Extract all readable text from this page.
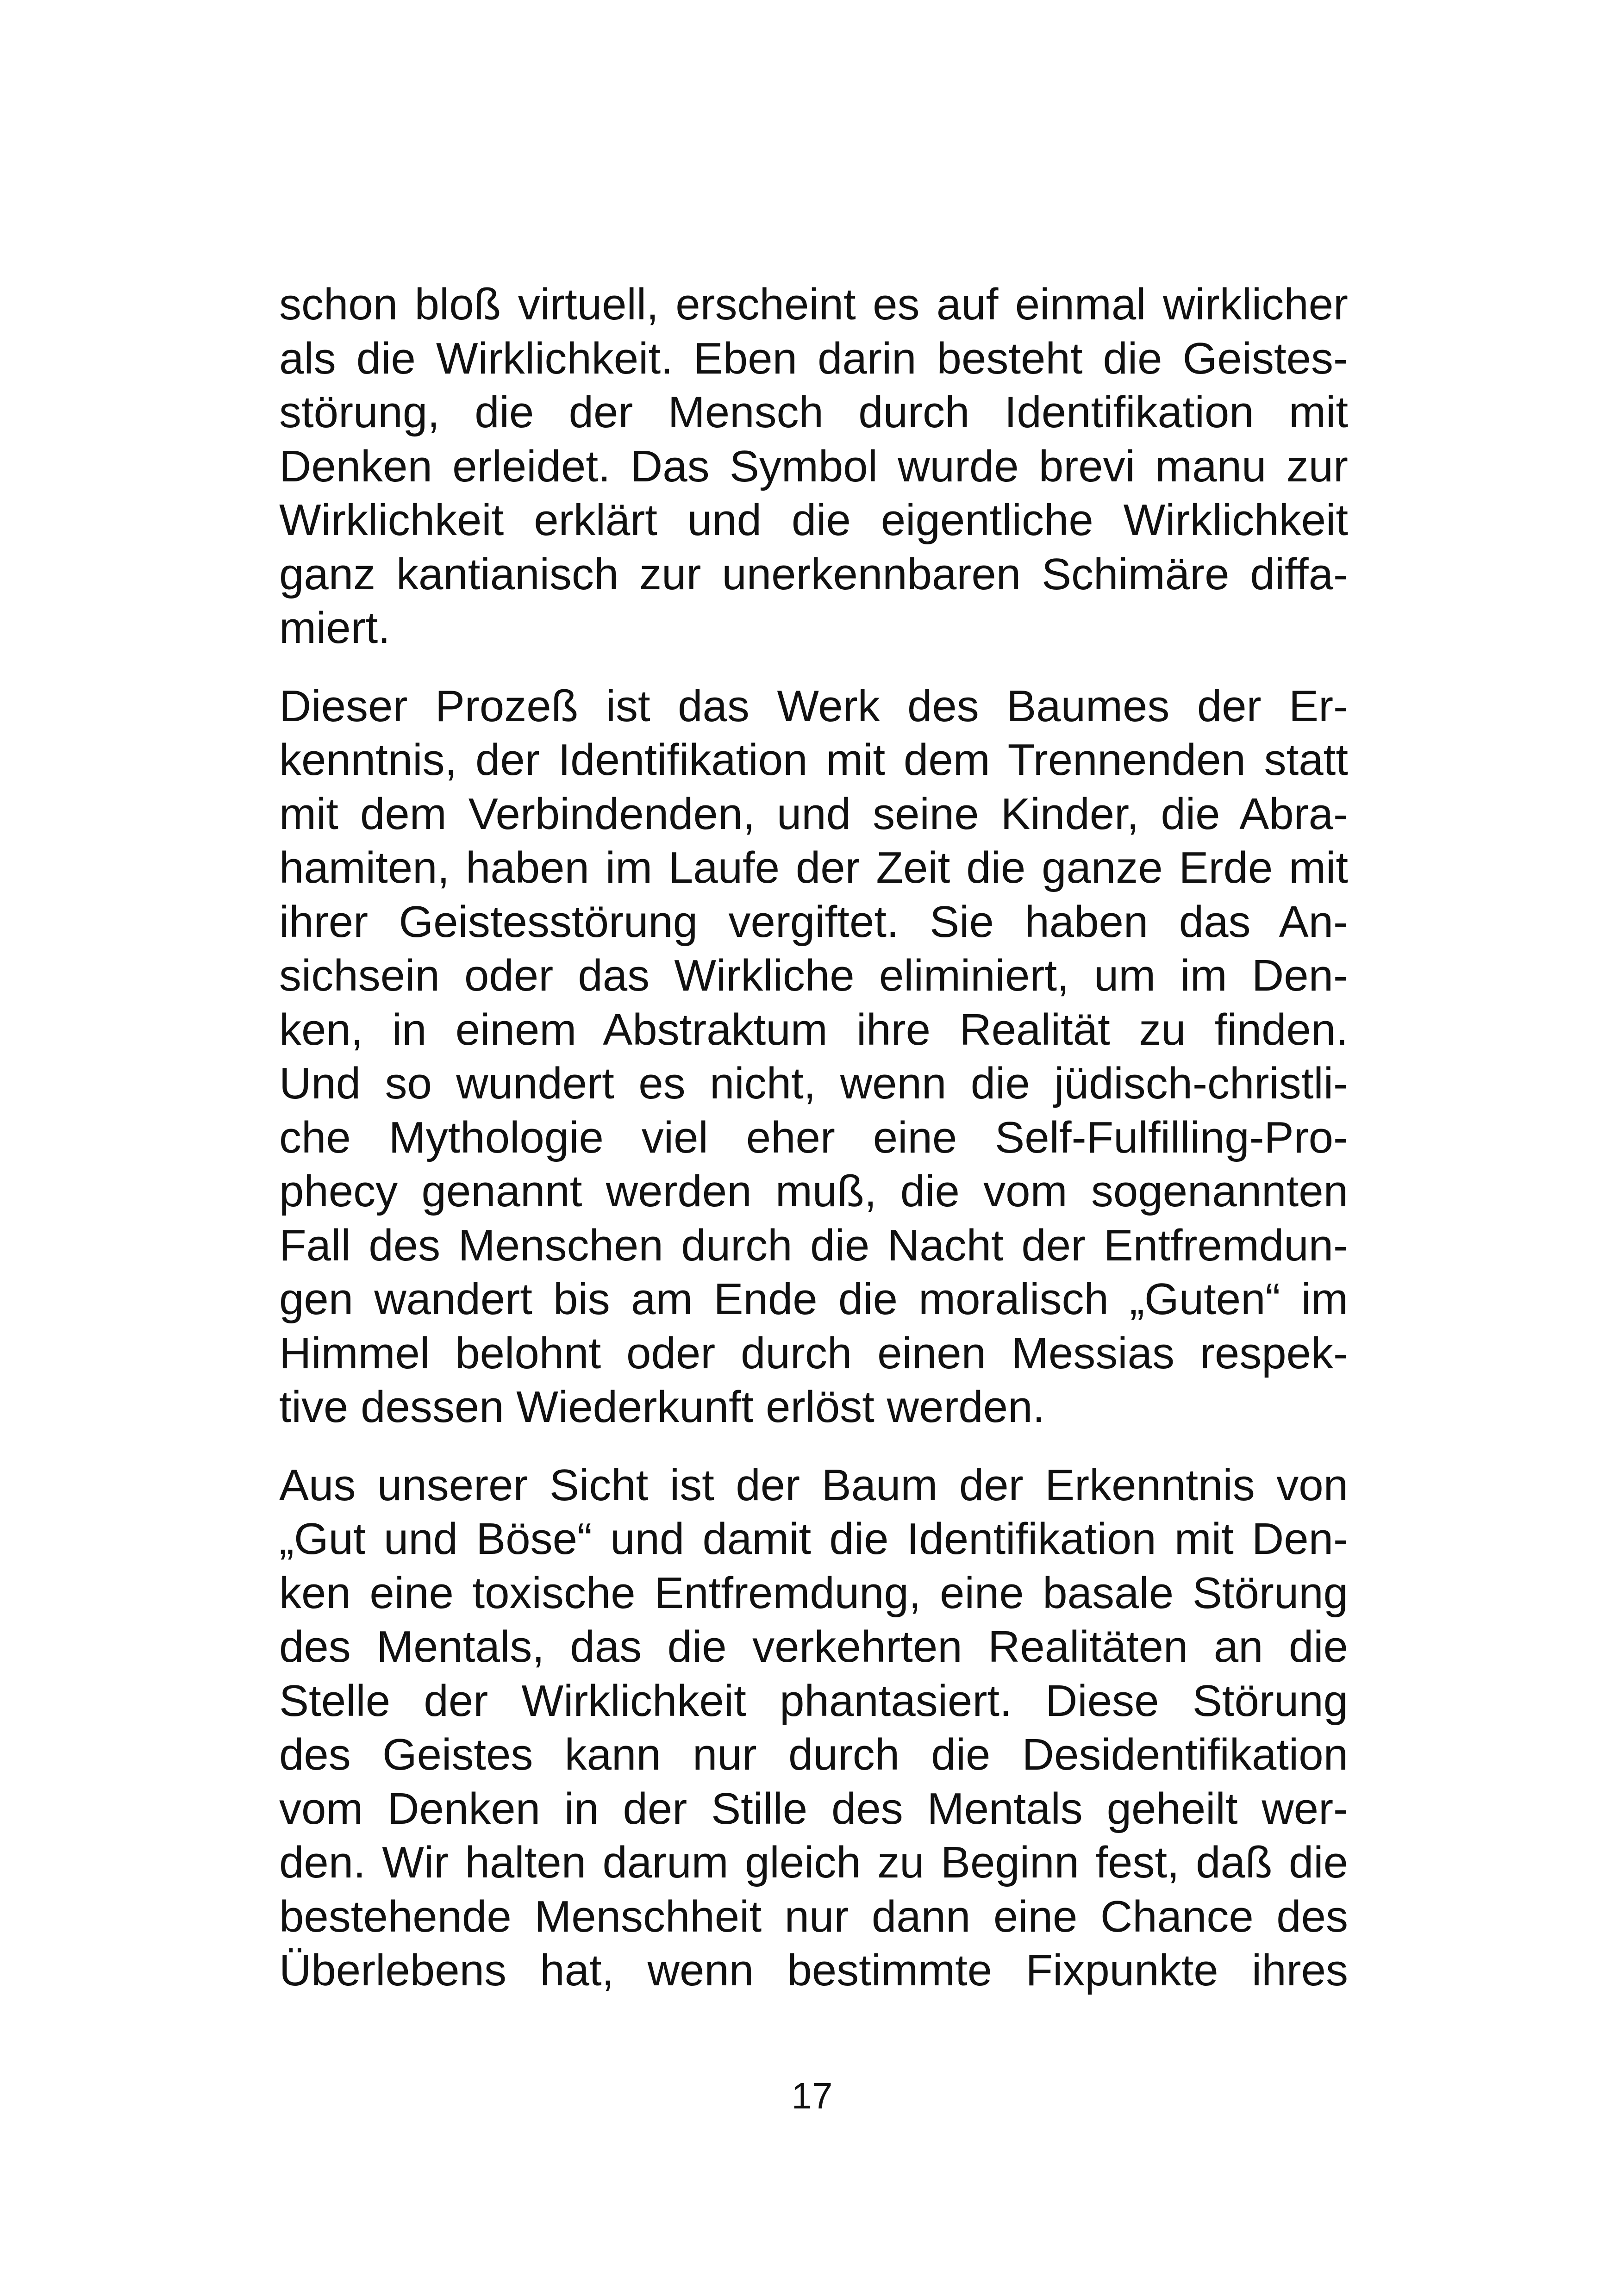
schon bloß virtuell, erscheint es auf einmal wirklicher
als die Wirklichkeit. Eben darin besteht die Geistes-
störung, die der Mensch durch Identifikation mit
Denken erleidet. Das Symbol wurde brevi manu zur
Wirklichkeit erklärt und die eigentliche Wirklichkeit
ganz kantianisch zur unerkennbaren Schimäre diffa-
miert.
Dieser Prozeß ist das Werk des Baumes der Er-
kenntnis, der Identifikation mit dem Trennenden statt
mit dem Verbindenden, und seine Kinder, die Abra-
hamiten, haben im Laufe der Zeit die ganze Erde mit
ihrer Geistesstörung vergiftet. Sie haben das An-
sichsein oder das Wirkliche eliminiert, um im Den-
ken, in einem Abstraktum ihre Realität zu finden.
Und so wundert es nicht, wenn die jüdisch-christli-
che Mythologie viel eher eine Self-Fulfilling-Pro-
phecy genannt werden muß, die vom sogenannten
Fall des Menschen durch die Nacht der Entfremdun-
gen wandert bis am Ende die moralisch „Guten“ im
Himmel belohnt oder durch einen Messias respek-
tive dessen Wiederkunft erlöst werden.
Aus unserer Sicht ist der Baum der Erkenntnis von
„Gut und Böse“ und damit die Identifikation mit Den-
ken eine toxische Entfremdung, eine basale Störung
des Mentals, das die verkehrten Realitäten an die
Stelle der Wirklichkeit phantasiert. Diese Störung
des Geistes kann nur durch die Desidentifikation
vom Denken in der Stille des Mentals geheilt wer-
den. Wir halten darum gleich zu Beginn fest, daß die
bestehende Menschheit nur dann eine Chance des
Überlebens hat, wenn bestimmte Fixpunkte ihres
17
